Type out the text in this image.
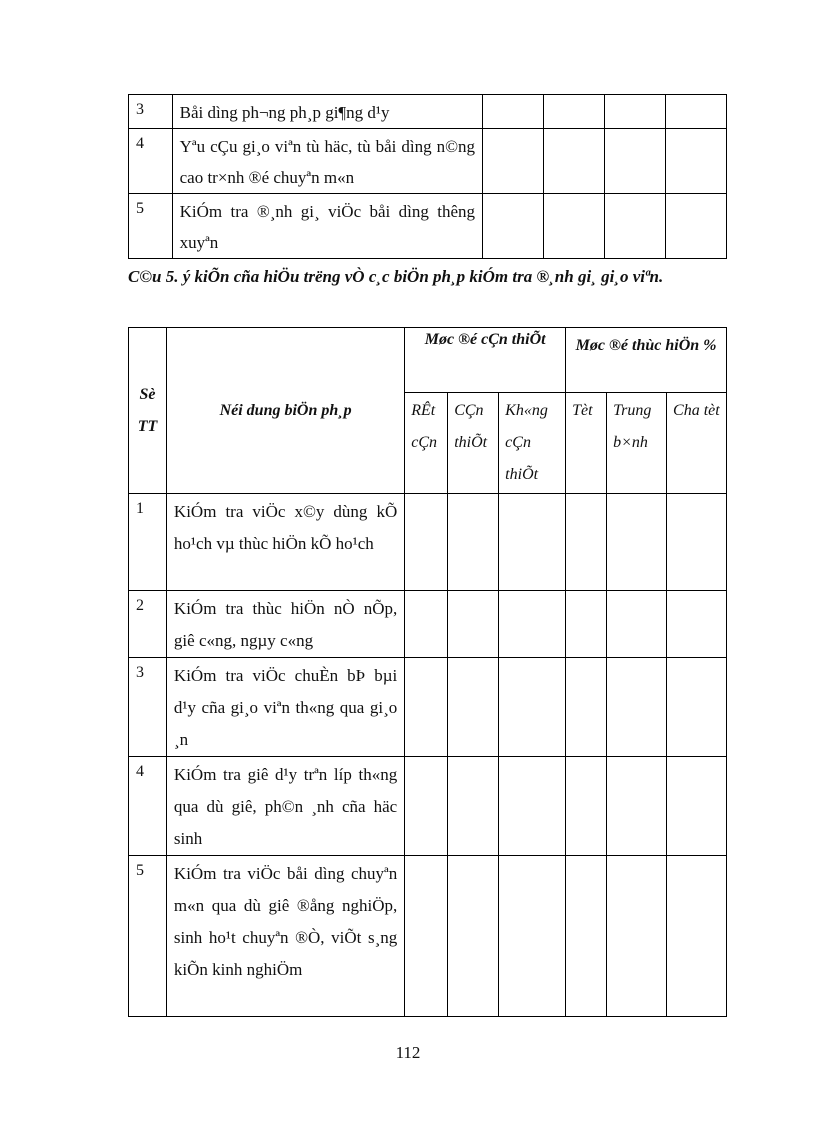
3	Båi dìng ph¬ng ph¸p gi¶ng d¹y				

4	Yªu cÇu gi¸o viªn tù häc, tù båi dìng n©ng cao tr×nh ®é chuyªn m«n				

5	KiÓm tra ®¸nh gi¸ viÖc båi dìng thêng xuyªn				

C©u 5. ý kiÕn cña hiÖu trëng vÒ c¸c biÖn ph¸p kiÓm tra ®¸nh gi¸ gi¸o viªn.

Sè TT	Néi dung biÖn ph¸p	Møc ®é cÇn thiÕt			Møc ®é thùc hiÖn %		
		RÊt cÇn	CÇn thiÕt	Kh«ng cÇn thiÕt	Tèt	Trung b×nh	Cha tèt
1	KiÓm tra viÖc x©y dùng kÕ ho¹ch vµ thùc hiÖn kÕ ho¹ch						

2	KiÓm tra thùc hiÖn nÒ nÕp, giê c«ng, ngµy c«ng						

3	KiÓm tra viÖc chuÈn bÞ bµi d¹y cña gi¸o viªn th«ng qua gi¸o ¸n						

4	KiÓm tra giê d¹y trªn líp th«ng qua dù giê, ph©n ¸nh cña häc sinh						

5	KiÓm tra viÖc båi dìng chuyªn m«n qua dù giê ®ång nghiÖp, sinh ho¹t chuyªn ®Ò, viÕt s¸ng kiÕn kinh nghiÖm						

112
